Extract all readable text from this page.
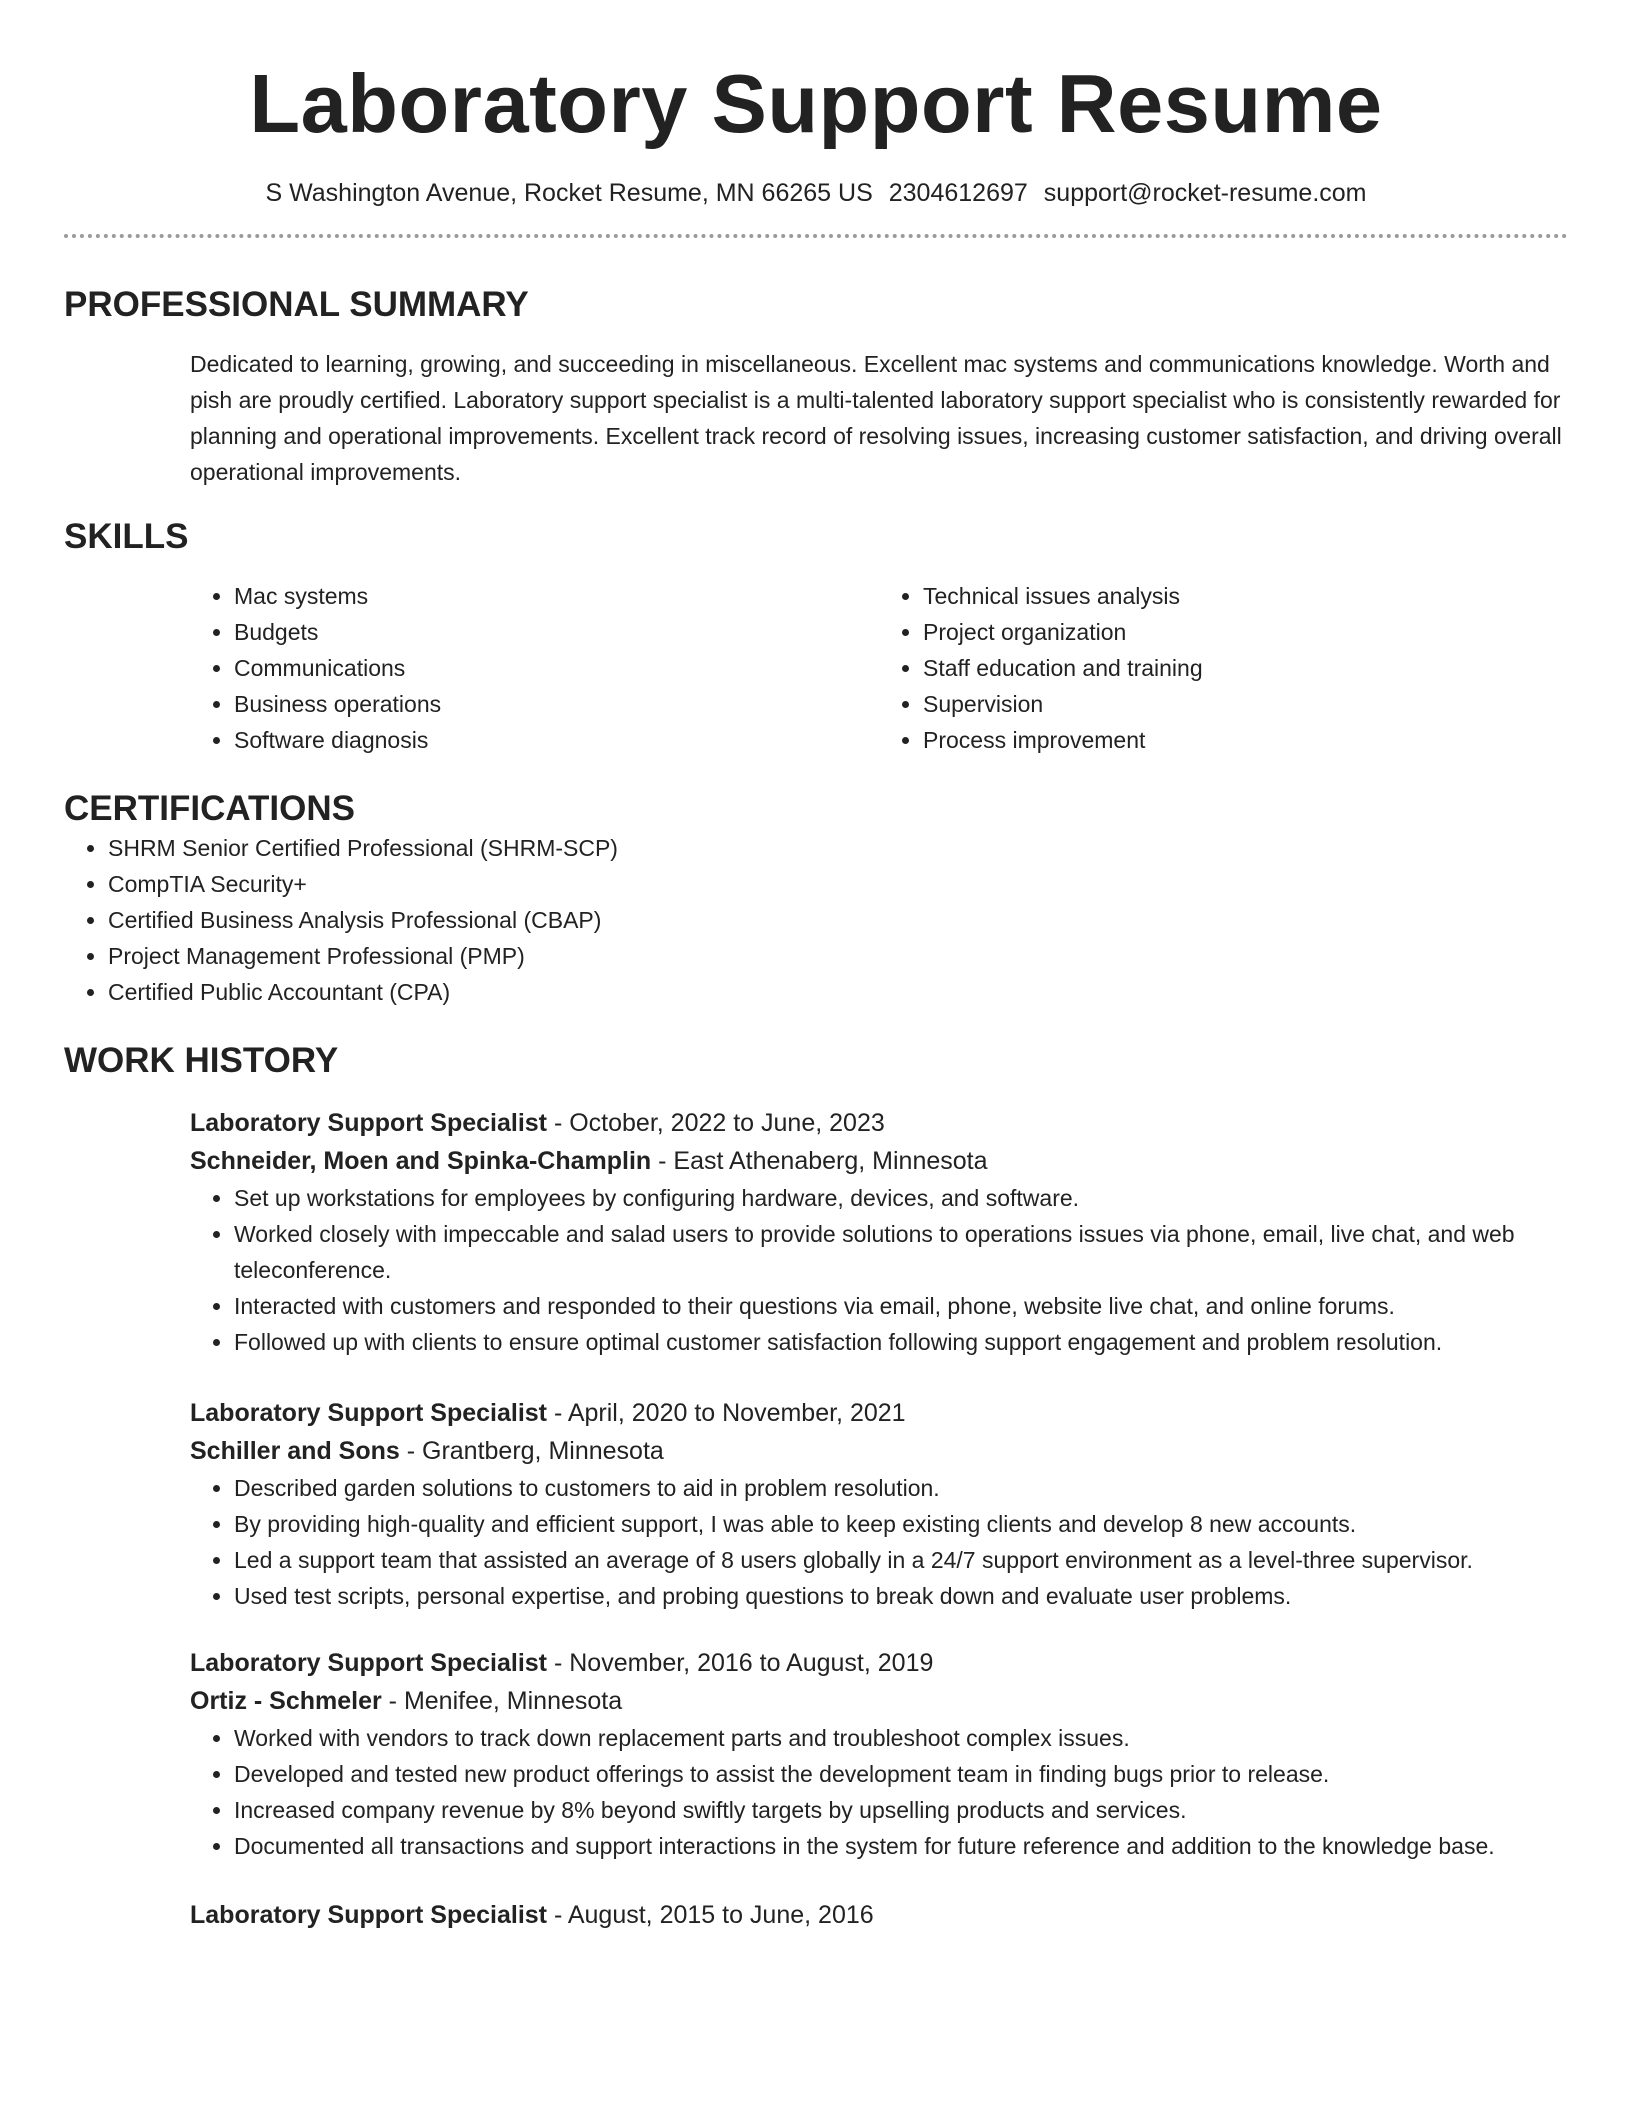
Laboratory Support Resume
S Washington Avenue, Rocket Resume, MN 66265 US 2304612697 support@rocket-resume.com
PROFESSIONAL SUMMARY

Dedicated to learning, growing, and succeeding in miscellaneous. Excellent mac systems and communications knowledge. Worth and pish are proudly certified. Laboratory support specialist is a multi-talented laboratory support specialist who is consistently rewarded for planning and operational improvements. Excellent track record of resolving issues, increasing customer satisfaction, and driving overall operational improvements.

SKILLS
• Mac systems
• Budgets
• Communications
• Business operations
• Software diagnosis
• Technical issues analysis
• Project organization
• Staff education and training
• Supervision
• Process improvement
CERTIFICATIONS
• SHRM Senior Certified Professional (SHRM-SCP)
• CompTIA Security+
• Certified Business Analysis Professional (CBAP)
• Project Management Professional (PMP)
• Certified Public Accountant (CPA)
WORK HISTORY
Laboratory Support Specialist - October, 2022 to June, 2023
Schneider, Moen and Spinka-Champlin - East Athenaberg, Minnesota
• Set up workstations for employees by configuring hardware, devices, and software.
• Worked closely with impeccable and salad users to provide solutions to operations issues via phone, email, live chat, and web teleconference.
• Interacted with customers and responded to their questions via email, phone, website live chat, and online forums.
• Followed up with clients to ensure optimal customer satisfaction following support engagement and problem resolution.
Laboratory Support Specialist - April, 2020 to November, 2021
Schiller and Sons - Grantberg, Minnesota
• Described garden solutions to customers to aid in problem resolution.
• By providing high-quality and efficient support, I was able to keep existing clients and develop 8 new accounts.
• Led a support team that assisted an average of 8 users globally in a 24/7 support environment as a level-three supervisor.
• Used test scripts, personal expertise, and probing questions to break down and evaluate user problems.
Laboratory Support Specialist - November, 2016 to August, 2019
Ortiz - Schmeler - Menifee, Minnesota
• Worked with vendors to track down replacement parts and troubleshoot complex issues.
• Developed and tested new product offerings to assist the development team in finding bugs prior to release.
• Increased company revenue by 8% beyond swiftly targets by upselling products and services.
• Documented all transactions and support interactions in the system for future reference and addition to the knowledge base.
Laboratory Support Specialist - August, 2015 to June, 2016
